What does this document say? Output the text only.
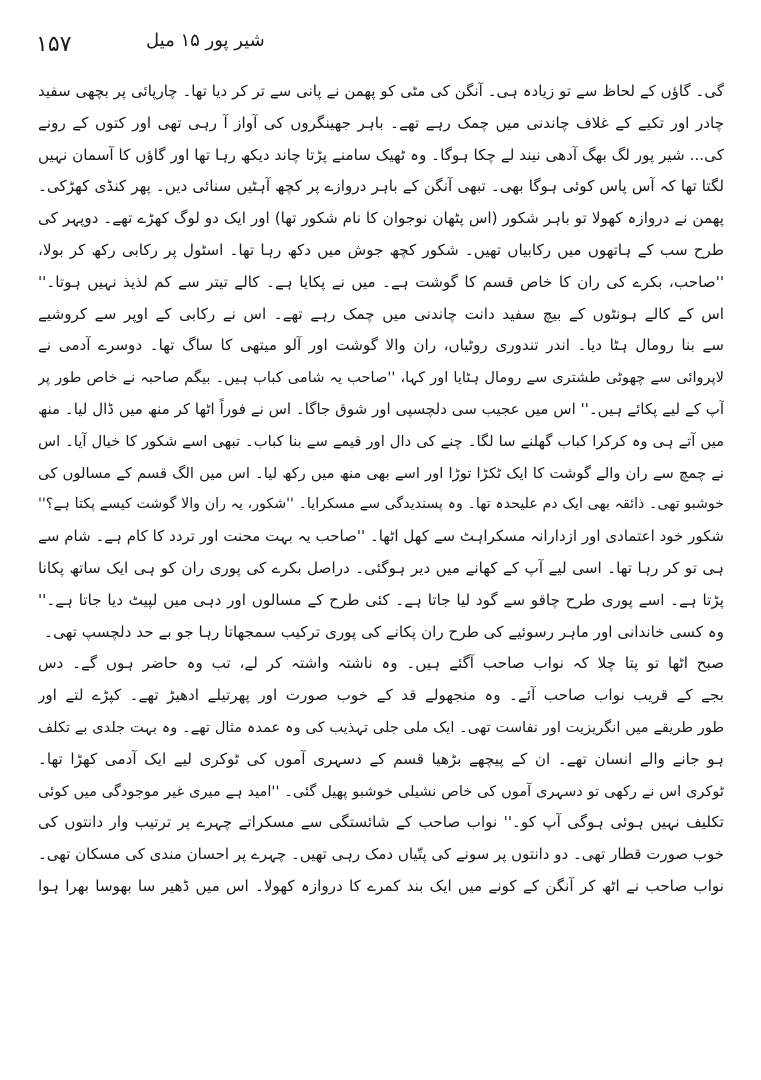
۱۵۷	شیر پور ۱۵ میل
گی۔ گاؤں کے لحاظ سے تو زیادہ ہی۔ آنگن کی مٹی کو پھمن نے پانی سے تر کر دیا تھا۔ چارپائی پر بچھی سفید
چادر اور تکیے کے غلاف چاندنی میں چمک رہے تھے۔ باہر جھینگروں کی آواز آ رہی تھی اور کتوں کے رونے
کی... شیر پور لگ بھگ آدھی نیند لے چکا ہوگا۔ وہ ٹھیک سامنے پڑتا چاند دیکھ رہا تھا اور گاؤں کا آسمان نہیں
لگتا تھا کہ آس پاس کوئی ہوگا بھی۔ تبھی آنگن کے باہر دروازے پر کچھ آہٹیں سنائی دیں۔ پھر کنڈی کھڑکی۔
پھمن نے دروازہ کھولا تو باہر شکور (اس پٹھان نوجوان کا نام شکور تھا) اور ایک دو لوگ کھڑے تھے۔ دوپہر کی
طرح سب کے ہاتھوں میں رکابیاں تھیں۔ شکور کچھ جوش میں دکھ رہا تھا۔ اسٹول پر رکابی رکھ کر بولا،
''صاحب، بکرے کی ران کا خاص قسم کا گوشت ہے۔ میں نے پکایا ہے۔ کالے تیتر سے کم لذیذ نہیں ہوتا۔''
اس کے کالے ہونٹوں کے بیچ سفید دانت چاندنی میں چمک رہے تھے۔ اس نے رکابی کے اوپر سے کروشیے
سے بنا رومال ہٹا دیا۔ اندر تندوری روٹیاں، ران والا گوشت اور آلو میتھی کا ساگ تھا۔ دوسرے آدمی نے
لاپروائی سے چھوٹی طشتری سے رومال ہٹایا اور کہا، ''صاحب یہ شامی کباب ہیں۔ بیگم صاحبہ نے خاص طور پر
آپ کے لیے پکائے ہیں۔'' اس میں عجیب سی دلچسپی اور شوق جاگا۔ اس نے فوراً اٹھا کر منھ میں ڈال لیا۔ منھ
میں آتے ہی وہ کرکرا کباب گھلنے سا لگا۔ چنے کی دال اور قیمے سے بنا کباب۔ تبھی اسے شکور کا خیال آیا۔ اس
نے چمچ سے ران والے گوشت کا ایک ٹکڑا توڑا اور اسے بھی منھ میں رکھ لیا۔ اس میں الگ قسم کے مسالوں کی
خوشبو تھی۔ ذائقہ بھی ایک دم علیحدہ تھا۔ وہ پسندیدگی سے مسکرایا۔ ''شکور، یہ ران والا گوشت کیسے پکتا ہے؟''
شکور خود اعتمادی اور ازدارانہ مسکراہٹ سے کھل اٹھا۔ ''صاحب یہ بہت محنت اور تردد کا کام ہے۔ شام سے
ہی تو کر رہا تھا۔ اسی لیے آپ کے کھانے میں دیر ہوگئی۔ دراصل بکرے کی پوری ران کو ہی ایک ساتھ پکانا
پڑتا ہے۔ اسے پوری طرح چاقو سے گود لیا جاتا ہے۔ کئی طرح کے مسالوں اور دہی میں لپیٹ دیا جاتا ہے۔''
وہ کسی خاندانی اور ماہر رسوئیے کی طرح ران پکانے کی پوری ترکیب سمجھاتا رہا جو بے حد دلچسپ تھی۔
صبح اٹھا تو پتا چلا کہ نواب صاحب آگئے ہیں۔ وہ ناشتہ واشتہ کر لے، تب وہ حاضر ہوں گے۔ دس
بجے کے قریب نواب صاحب آئے۔ وہ منجھولے قد کے خوب صورت اور پھرتیلے ادھیڑ تھے۔ کپڑے لتے اور
طور طریقے میں انگریزیت اور نفاست تھی۔ ایک ملی جلی تہذیب کی وہ عمدہ مثال تھے۔ وہ بہت جلدی بے تکلف
ہو جانے والے انسان تھے۔ ان کے پیچھے بڑھیا قسم کے دسہری آموں کی ٹوکری لیے ایک آدمی کھڑا تھا۔
ٹوکری اس نے رکھی تو دسہری آموں کی خاص نشیلی خوشبو پھیل گئی۔ ''امید ہے میری غیر موجودگی میں کوئی
تکلیف نہیں ہوئی ہوگی آپ کو۔'' نواب صاحب کے شائستگی سے مسکراتے چہرے پر ترتیب وار دانتوں کی
خوب صورت قطار تھی۔ دو دانتوں پر سونے کی پتّیاں دمک رہی تھیں۔ چہرے پر احسان مندی کی مسکان تھی۔
نواب صاحب نے اٹھ کر آنگن کے کونے میں ایک بند کمرے کا دروازہ کھولا۔ اس میں ڈھیر سا بھوسا بھرا ہوا
